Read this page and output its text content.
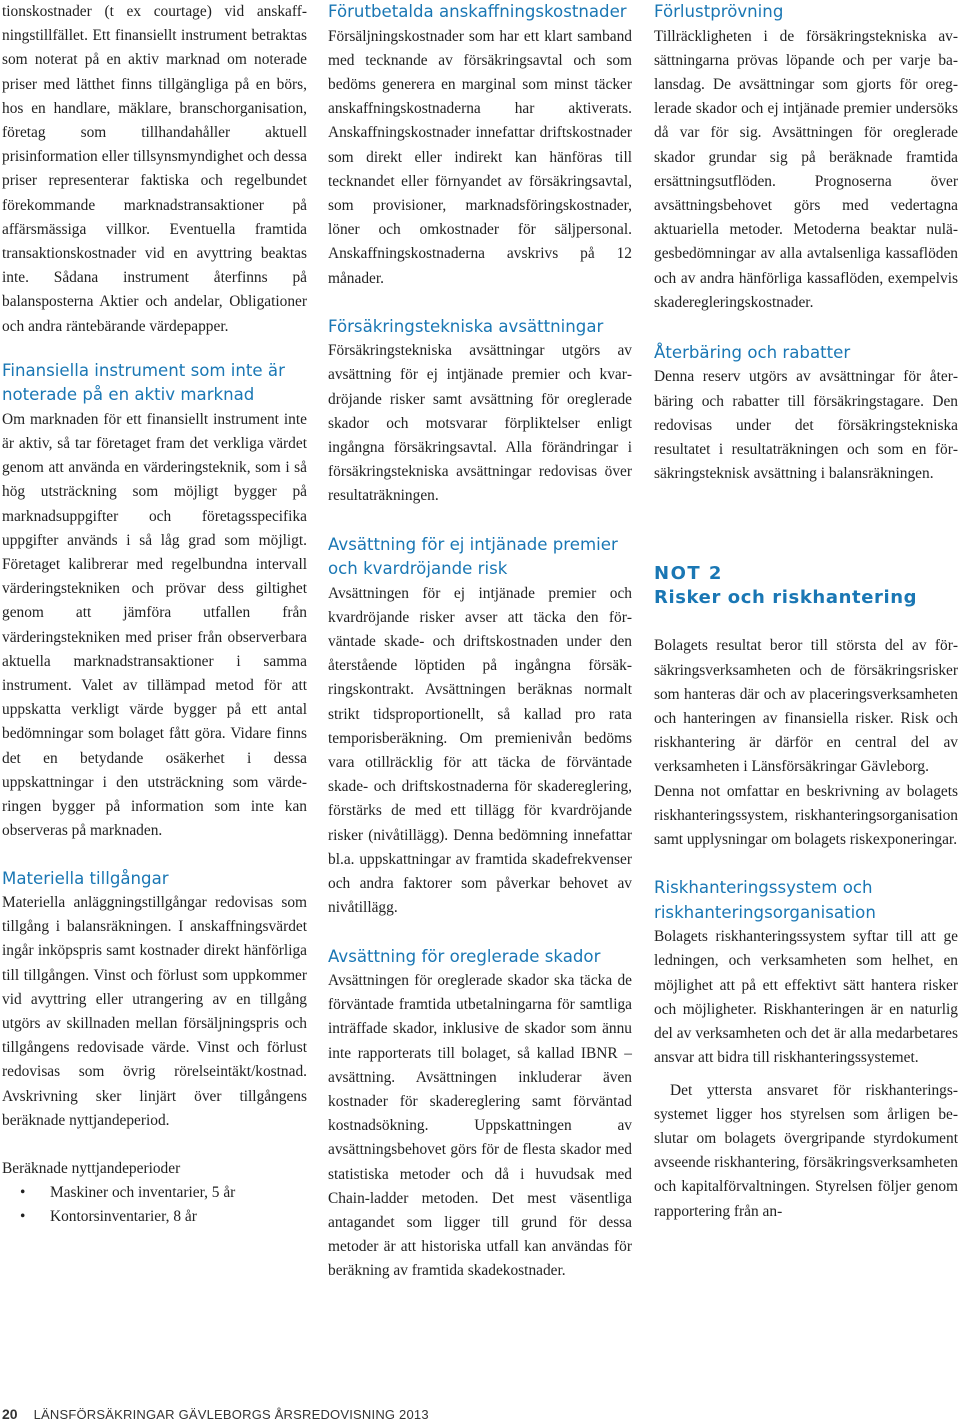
tionskostnader (t ex courtage) vid anskaffningstillfället. Ett finansiellt instrument betraktas som noterat på en aktiv marknad om noterade priser med lätthet finns tillgängliga på en börs, hos en handlare, mäklare, branschorganisation, företag som tillhandahåller aktuell prisinformation eller tillsynsmyndighet och dessa priser representerar faktiska och regelbundet förekommande marknadstransaktioner på affärsmässiga villkor. Eventuella framtida transaktionskostnader vid en avyttring beaktas inte. Sådana instrument återfinns på balansposterna Aktier och andelar, Obligationer och andra räntebärande värdepapper.

Finansiella instrument som inte är noterade på en aktiv marknad

Om marknaden för ett finansiellt instrument inte är aktiv, så tar företaget fram det verkliga värdet genom att använda en värderingsteknik, som i så hög utsträckning som möjligt bygger på marknadsuppgifter och företagsspecifika uppgifter används i så låg grad som möjligt. Företaget kalibrerar med regelbundna intervall värderingstekniken och prövar dess giltighet genom att jämföra utfallen från värderingstekniken med priser från observerbara aktuella marknadstransaktioner i samma instrument. Valet av tillämpad metod för att uppskatta verkligt värde bygger på ett antal bedömningar som bolaget fått göra. Vidare finns det en betydande osäkerhet i dessa uppskattningar i den utsträckning som värderingen bygger på information som inte kan observeras på marknaden.

Materiella tillgångar

Materiella anläggningstillgångar redovisas som tillgång i balansräkningen. I anskaffningsvärdet ingår inköpspris samt kostnader direkt hänförliga till tillgången. Vinst och förlust som uppkommer vid avyttring eller utrangering av en tillgång utgörs av skillnaden mellan försäljningspris och tillgångens redovisade värde. Vinst och förlust redovisas som övrig rörelseintäkt/kostnad. Avskrivning sker linjärt över tillgångens beräknade nyttjandeperiod.

Beräknade nyttjandeperioder

• Maskiner och inventarier, 5 år
• Kontorsinventarier, 8 år
Förutbetalda anskaffningskostnader

Försäljningskostnader som har ett klart samband med tecknande av försäkringsavtal och som bedöms generera en marginal som minst täcker anskaffningskostnaderna har aktiverats. Anskaffningskostnader innefattar driftskostnader som direkt eller indirekt kan hänföras till tecknandet eller förnyandet av försäkringsavtal, som provisioner, marknadsföringskostnader, löner och omkostnader för säljpersonal. Anskaffningskostnaderna avskrivs på 12 månader.

Försäkringstekniska avsättningar

Försäkringstekniska avsättningar utgörs av avsättning för ej intjänade premier och kvardröjande risker samt avsättning för oreglerade skador och motsvarar förpliktelser enligt ingångna försäkringsavtal. Alla förändringar i försäkringstekniska avsättningar redovisas över resultaträkningen.

Avsättning för ej intjänade premier och kvardröjande risk

Avsättningen för ej intjänade premier och kvardröjande risker avser att täcka den förväntade skade- och driftskostnaden under den återstående löptiden på ingångna försäkringskontrakt. Avsättningen beräknas normalt strikt tidsproportionellt, så kallad pro rata temporisberäkning. Om premienivån bedöms vara otillräcklig för att täcka de förväntade skade- och driftskostnaderna för skadereglering, förstärks de med ett tillägg för kvardröjande risker (nivåtillägg). Denna bedömning innefattar bl.a. uppskattningar av framtida skadefrekvenser och andra faktorer som påverkar behovet av nivåtillägg.

Avsättning för oreglerade skador

Avsättningen för oreglerade skador ska täcka de förväntade framtida utbetalningarna för samtliga inträffade skador, inklusive de skador som ännu inte rapporterats till bolaget, så kallad IBNR – avsättning. Avsättningen inkluderar även kostnader för skadereglering samt förväntad kostnadsökning. Uppskattningen av avsättningsbehovet görs för de flesta skador med statistiska metoder och då i huvudsak med Chain-ladder metoden. Det mest väsentliga antagandet som ligger till grund för dessa metoder är att historiska utfall kan användas för beräkning av framtida skadekostnader.

Förlustprövning

Tillräckligheten i de försäkringstekniska avsättningarna prövas löpande och per varje balansdag. De avsättningar som gjorts för oreglerade skador och ej intjänade premier undersöks då var för sig. Avsättningen för oreglerade skador grundar sig på beräknade framtida ersättningsutflöden. Prognoserna över avsättningsbehovet görs med vedertagna aktuariella metoder. Metoderna beaktar nulägesbedömningar av alla avtalsenliga kassaflöden och av andra hänförliga kassaflöden, exempelvis skaderegleringskostnader.

Återbäring och rabatter

Denna reserv utgörs av avsättningar för återbäring och rabatter till försäkringstagare. Den redovisas under det försäkringstekniska resultatet i resultaträkningen och som en försäkringsteknisk avsättning i balansräkningen.

NOT 2
Risker och riskhantering

Bolagets resultat beror till största del av försäkringsverksamheten och de försäkringsrisker som hanteras där och av placeringsverksamheten och hanteringen av finansiella risker. Risk och riskhantering är därför en central del av verksamheten i Länsförsäkringar Gävleborg.

Denna not omfattar en beskrivning av bolagets riskhanteringssystem, riskhanteringsorganisation samt upplysningar om bolagets riskexponeringar.

Riskhanteringssystem och riskhanteringsorganisation

Bolagets riskhanteringssystem syftar till att ge ledningen, och verksamheten som helhet, en möjlighet att på ett effektivt sätt hantera risker och möjligheter. Riskhanteringen är en naturlig del av verksamheten och det är alla medarbetares ansvar att bidra till riskhanteringssystemet.

Det yttersta ansvaret för riskhanteringssystemet ligger hos styrelsen som årligen beslutar om bolagets övergripande styrdokument avseende riskhantering, försäkringsverksamheten och kapitalförvaltningen. Styrelsen följer genom rapportering från an-

20 LÄNSFÖRSÄKRINGAR GÄVLEBORGS ÅRSREDOVISNING 2013
